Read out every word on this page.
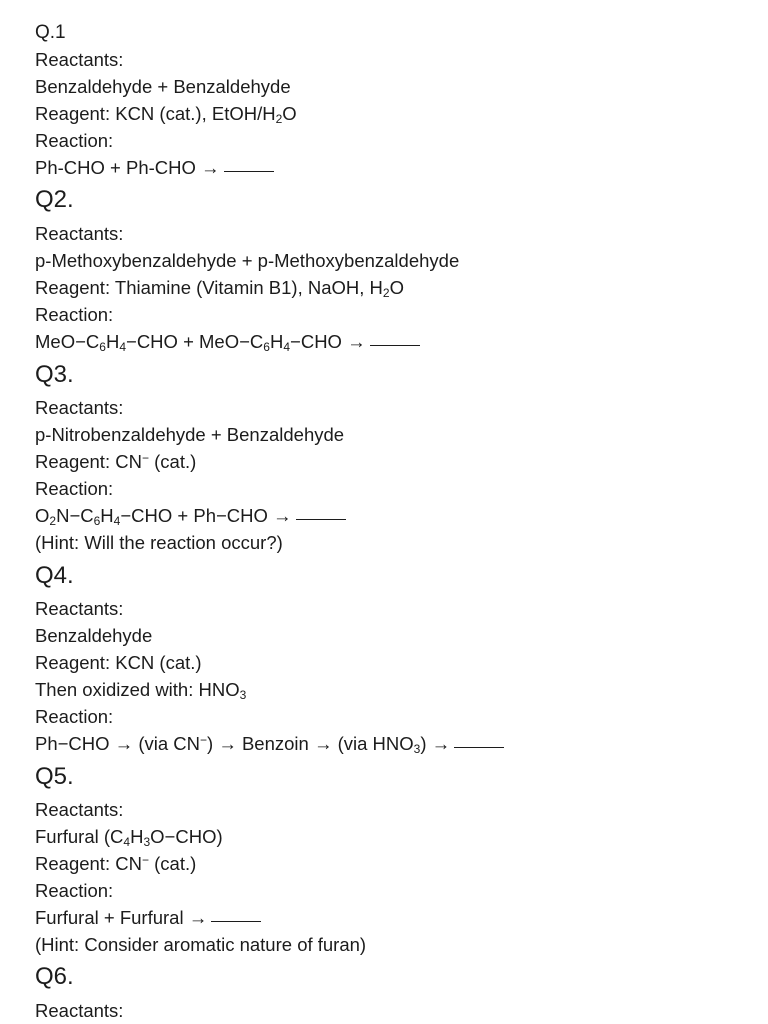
Q.1
Reactants:
Benzaldehyde + Benzaldehyde
Reagent: KCN (cat.), EtOH/$H_2O$
Reaction:
Ph-CHO + Ph-CHO →
Q2.
Reactants:
p-Methoxybenzaldehyde + p-Methoxybenzaldehyde
Reagent: Thiamine (Vitamin B1), NaOH, $H_2O$
Reaction:
$MeO-C_6H_4-CHO + MeO-C_6H_4-CHO$ →
Q3.
Reactants:
p-Nitrobenzaldehyde + Benzaldehyde
Reagent: CN− (cat.)
Reaction:
$O_2N-C_6H_4-CHO + Ph-CHO$ →
(Hint: Will the reaction occur?)
Q4.
Reactants:
Benzaldehyde
Reagent: KCN (cat.)
Then oxidized with: $HNO_3$
Reaction:
Ph−CHO → (via CN−) → Benzoin → (via $HNO_3$) →
Q5.
Reactants:
Furfural $(C_4H_3O-CHO)$
Reagent: CN− (cat.)
Reaction:
Furfural + Furfural →
(Hint: Consider aromatic nature of furan)
Q6.
Reactants:
